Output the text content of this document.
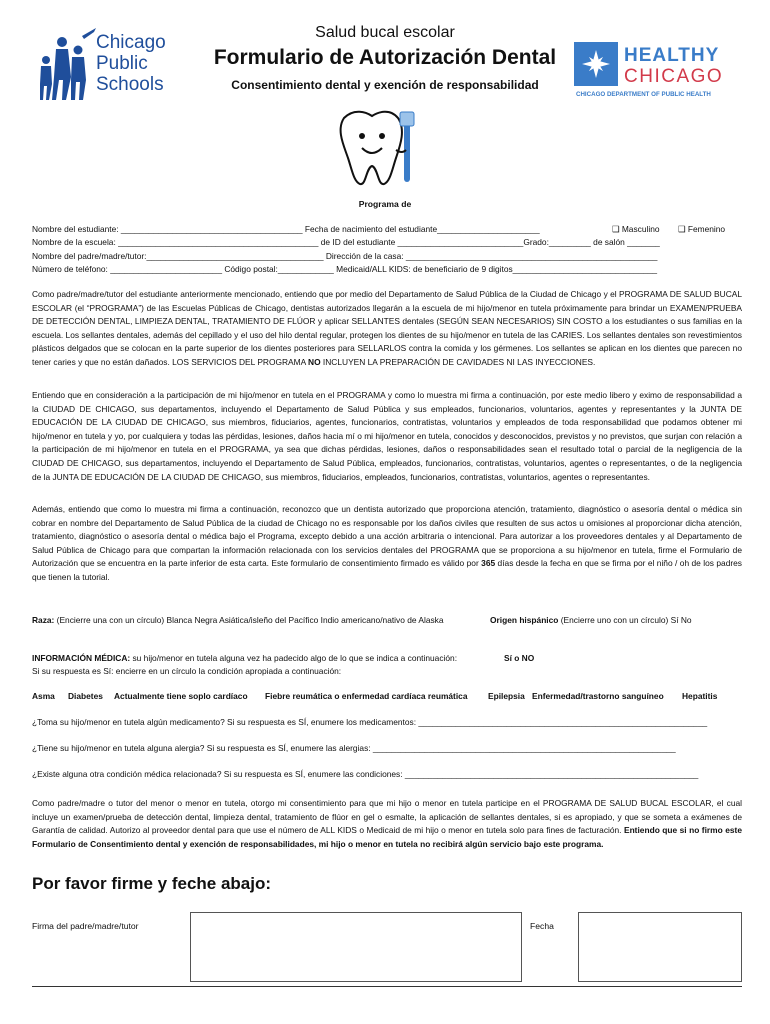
Chicago
Public
Schools
HEALTHY
CHICAGO
CHICAGO DEPARTMENT OF PUBLIC HEALTH
Salud bucal escolar
Formulario de Autorización Dental
Consentimiento dental y exención de responsabilidad
Programa de
Nombre del estudiante: _______________________________________ Fecha de nacimiento del estudiante______________________	❑ Masculino ❑ Femenino
Nombre de la escuela: ___________________________________________ de ID del estudiante ___________________________Grado:_________ de salón _______
Nombre del padre/madre/tutor:______________________________________ Dirección de la casa: ______________________________________________________
Número de teléfono: ________________________ Código postal:____________ Medicaid/ALL KIDS: de beneficiario de 9 digitos_______________________________
Como padre/madre/tutor del estudiante anteriormente mencionado, entiendo que por medio del Departamento de Salud Pública de la Ciudad de Chicago y el PROGRAMA DE SALUD BUCAL ESCOLAR (el “PROGRAMA”) de las Escuelas Públicas de Chicago, dentistas autorizados llegarán a la escuela de mi hijo/menor en tutela próximamente para brindar un EXAMEN/PRUEBA DE DETECCIÓN DENTAL, LIMPIEZA DENTAL, TRATAMIENTO DE FLÚOR y aplicar SELLANTES dentales (SEGÚN SEAN NECESARIOS) SIN COSTO a los estudiantes o sus familias en la escuela. Los sellantes dentales, además del cepillado y el uso del hilo dental regular, protegen los dientes de su hijo/menor en tutela de las CARIES. Los sellantes dentales son revestimientos plásticos delgados que se colocan en la parte superior de los dientes posteriores para SELLARLOS contra la comida y los gérmenes. Los sellantes se aplican en los dientes que parecen no tener caries y que no están dañados. LOS SERVICIOS DEL PROGRAMA NO INCLUYEN LA PREPARACIÓN DE CAVIDADES NI LAS INYECCIONES.
Entiendo que en consideración a la participación de mi hijo/menor en tutela en el PROGRAMA y como lo muestra mi firma a continuación, por este medio libero y eximo de responsabilidad a la CIUDAD DE CHICAGO, sus departamentos, incluyendo el Departamento de Salud Pública y sus empleados, funcionarios, voluntarios, agentes y representantes y la JUNTA DE EDUCACIÓN DE LA CIUDAD DE CHICAGO, sus miembros, fiduciarios, agentes, funcionarios, contratistas, voluntarios y empleados de toda responsabilidad que podamos obtener mi hijo/menor en tutela y yo, por cualquiera y todas las pérdidas, lesiones, daños hacia mí o mi hijo/menor en tutela, conocidos y desconocidos, previstos y no previstos, que surjan con relación a la participación de mi hijo/menor en tutela en el PROGRAMA, ya sea que dichas pérdidas, lesiones, daños o responsabilidades sean el resultado total o parcial de la negligencia de la CIUDAD DE CHICAGO, sus departamentos, incluyendo el Departamento de Salud Pública, empleados, funcionarios, contratistas, voluntarios, agentes o representantes, o de la negligencia de la JUNTA DE EDUCACIÓN DE LA CIUDAD DE CHICAGO, sus miembros, fiduciarios, empleados, funcionarios, contratistas, voluntarios, agentes o representantes.
Además, entiendo que como lo muestra mi firma a continuación, reconozco que un dentista autorizado que proporciona atención, tratamiento, diagnóstico o asesoría dental o médica sin cobrar en nombre del Departamento de Salud Pública de la ciudad de Chicago no es responsable por los daños civiles que resulten de sus actos u omisiones al proporcionar dicha atención, tratamiento, diagnóstico o asesoría dental o médica bajo el Programa, excepto debido a una acción arbitraria o intencional. Para autorizar a los proveedores dentales y al Departamento de Salud Pública de Chicago para que compartan la información relacionada con los servicios dentales del PROGRAMA que se proporciona a su hijo/menor en tutela, firme el Formulario de Autorización que se encuentra en la parte inferior de esta carta. Este formulario de consentimiento firmado es válido por 365 días desde la fecha en que se firma por el niño / oh de los padres que tienen la tutorial.
Raza: (Encierre una con un círculo) Blanca Negra Asiática/isleño del Pacífico Indio americano/nativo de Alaska	Origen hispánico (Encierre uno con un círculo) Sí No
INFORMACIÓN MÉDICA: su hijo/menor en tutela alguna vez ha padecido algo de lo que se indica a continuación:	Sí o NO
Si su respuesta es Sí: encierre en un círculo la condición apropiada a continuación:
Asma Diabetes Actualmente tiene soplo cardíaco Fiebre reumática o enfermedad cardíaca reumática Epilepsia Enfermedad/trastorno sanguíneo Hepatitis
¿Toma su hijo/menor en tutela algún medicamento? Si su respuesta es SÍ, enumere los medicamentos: ______________________________________________________________
¿Tiene su hijo/menor en tutela alguna alergia? Si su respuesta es SÍ, enumere las alergias: _________________________________________________________________
¿Existe alguna otra condición médica relacionada? Si su respuesta es SÍ, enumere las condiciones: _______________________________________________________________
Como padre/madre o tutor del menor o menor en tutela, otorgo mi consentimiento para que mi hijo o menor en tutela participe en el PROGRAMA DE SALUD BUCAL ESCOLAR, el cual incluye un examen/prueba de detección dental, limpieza dental, tratamiento de flúor en gel o esmalte, la aplicación de sellantes dentales, si es apropiado, y que se someta a exámenes de Garantía de calidad. Autorizo al proveedor dental para que use el número de ALL KIDS o Medicaid de mi hijo o menor en tutela solo para fines de facturación. Entiendo que si no firmo este Formulario de Consentimiento dental y exención de responsabilidades, mi hijo o menor en tutela no recibirá algún servicio bajo este programa.
Por favor firme y feche abajo:
Firma del padre/madre/tutor	Fecha
